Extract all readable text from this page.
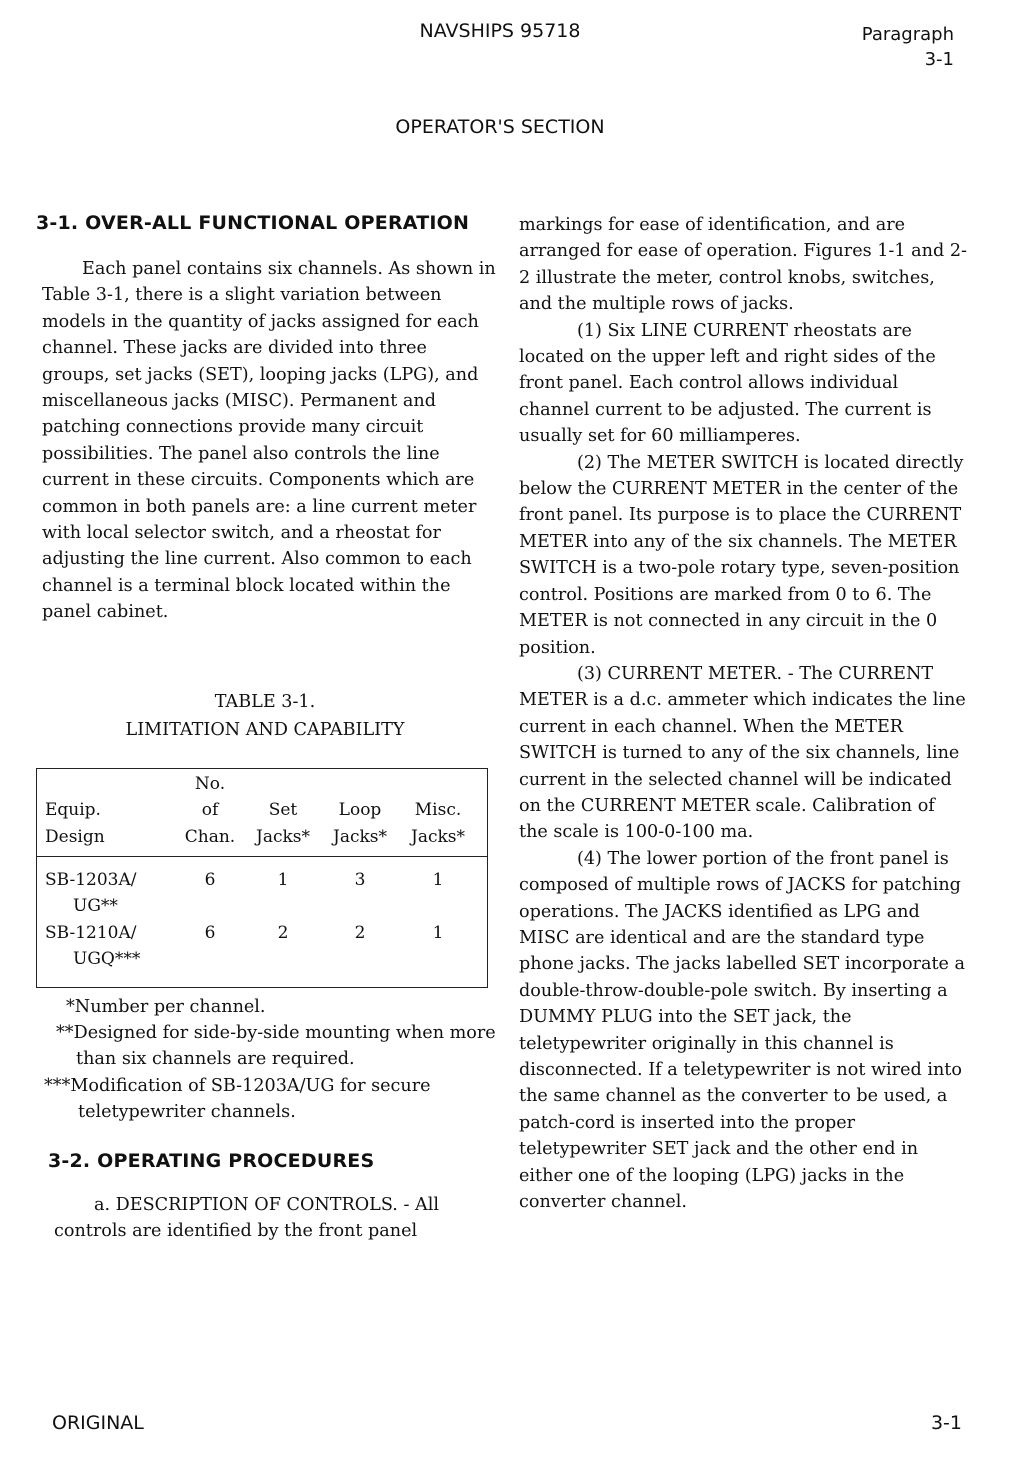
NAVSHIPS 95718	Paragraph
3-1
OPERATOR'S SECTION
3-1. OVER-ALL FUNCTIONAL OPERATION

Each panel contains six channels. As shown in Table 3-1, there is a slight variation between models in the quantity of jacks assigned for each channel. These jacks are divided into three groups, set jacks (SET), looping jacks (LPG), and miscellaneous jacks (MISC). Permanent and patching connections provide many circuit possibilities. The panel also controls the line current in these circuits. Components which are common in both panels are: a line current meter with local selector switch, and a rheostat for adjusting the line current. Also common to each channel is a terminal block located within the panel cabinet.

TABLE 3-1.
LIMITATION AND CAPABILITY
No.
Equip.	of	Set	Loop	Misc.
Design	Chan.	Jacks*	Jacks*	Jacks*
SB-1203A/	6	1	3	1
UG**
SB-1210A/	6	2	2	1
UGQ***
*Number per channel.
**Designed for side-by-side mounting when more than six channels are required.
***Modification of SB-1203A/UG for secure teletypewriter channels.
3-2. OPERATING PROCEDURES

a. DESCRIPTION OF CONTROLS. - All controls are identified by the front panel

markings for ease of identification, and are arranged for ease of operation. Figures 1-1 and 2-2 illustrate the meter, control knobs, switches, and the multiple rows of jacks.

(1) Six LINE CURRENT rheostats are located on the upper left and right sides of the front panel. Each control allows individual channel current to be adjusted. The current is usually set for 60 milliamperes.

(2) The METER SWITCH is located directly below the CURRENT METER in the center of the front panel. Its purpose is to place the CURRENT METER into any of the six channels. The METER SWITCH is a two-pole rotary type, seven-position control. Positions are marked from 0 to 6. The METER is not connected in any circuit in the 0 position.

(3) CURRENT METER. - The CURRENT METER is a d.c. ammeter which indicates the line current in each channel. When the METER SWITCH is turned to any of the six channels, line current in the selected channel will be indicated on the CURRENT METER scale. Calibration of the scale is 100-0-100 ma.

(4) The lower portion of the front panel is composed of multiple rows of JACKS for patching operations. The JACKS identified as LPG and MISC are identical and are the standard type phone jacks. The jacks labelled SET incorporate a double-throw-double-pole switch. By inserting a DUMMY PLUG into the SET jack, the teletypewriter originally in this channel is disconnected. If a teletypewriter is not wired into the same channel as the converter to be used, a patch-cord is inserted into the proper teletypewriter SET jack and the other end in either one of the looping (LPG) jacks in the converter channel.

ORIGINAL	3-1
